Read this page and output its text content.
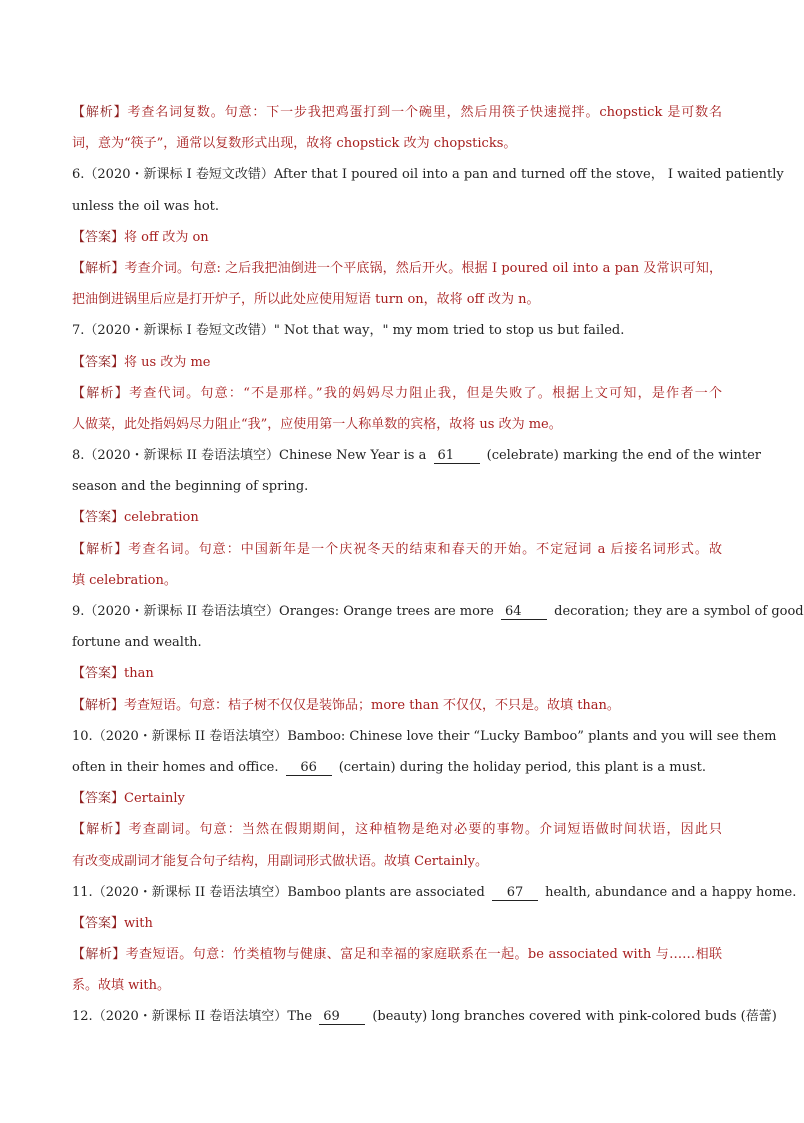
【解析】考查名词复数。句意：下一步我把鸡蛋打到一个碗里，然后用筷子快速搅拌。chopstick 是可数名
词，意为“筷子”，通常以复数形式出现，故将 chopstick 改为 chopsticks。
6.（2020・新课标 I 卷短文改错）After that I poured oil into a pan and turned off the stove， I waited patiently
unless the oil was hot.
【答案】将 off 改为 on
【解析】考查介词。句意: 之后我把油倒进一个平底锅，然后开火。根据 I poured oil into a pan 及常识可知，
把油倒进锅里后应是打开炉子，所以此处应使用短语 turn on，故将 off 改为 n。
7.（2020・新课标 I 卷短文改错）" Not that way，" my mom tried to stop us but failed.
【答案】将 us 改为 me
【解析】考查代词。句意：“不是那样。”我的妈妈尽力阻止我，但是失败了。根据上文可知，是作者一个
人做菜，此处指妈妈尽力阻止“我”，应使用第一人称单数的宾格，故将 us 改为 me。
8.（2020・新课标 II 卷语法填空）Chinese New Year is a 61	(celebrate) marking the end of the winter
season and the beginning of spring.
【答案】celebration
【解析】考查名词。句意：中国新年是一个庆祝冬天的结束和春天的开始。不定冠词 a 后接名词形式。故
填 celebration。
9.（2020・新课标 II 卷语法填空）Oranges: Orange trees are more 64	decoration; they are a symbol of good
fortune and wealth.
【答案】than
【解析】考查短语。句意：桔子树不仅仅是装饰品；more than 不仅仅，不只是。故填 than。
10.（2020・新课标 II 卷语法填空）Bamboo: Chinese love their “Lucky Bamboo” plants and you will see them
often in their homes and office. 66 (certain) during the holiday period, this plant is a must.
【答案】Certainly
【解析】考查副词。句意：当然在假期期间，这种植物是绝对必要的事物。介词短语做时间状语，因此只
有改变成副词才能复合句子结构，用副词形式做状语。故填 Certainly。
11.（2020・新课标 II 卷语法填空）Bamboo plants are associated 67 health, abundance and a happy home.
【答案】with
【解析】考查短语。句意：竹类植物与健康、富足和幸福的家庭联系在一起。be associated with 与……相联
系。故填 with。
12.（2020・新课标 II 卷语法填空）The 69	(beauty) long branches covered with pink-colored buds (蓓蕾)
